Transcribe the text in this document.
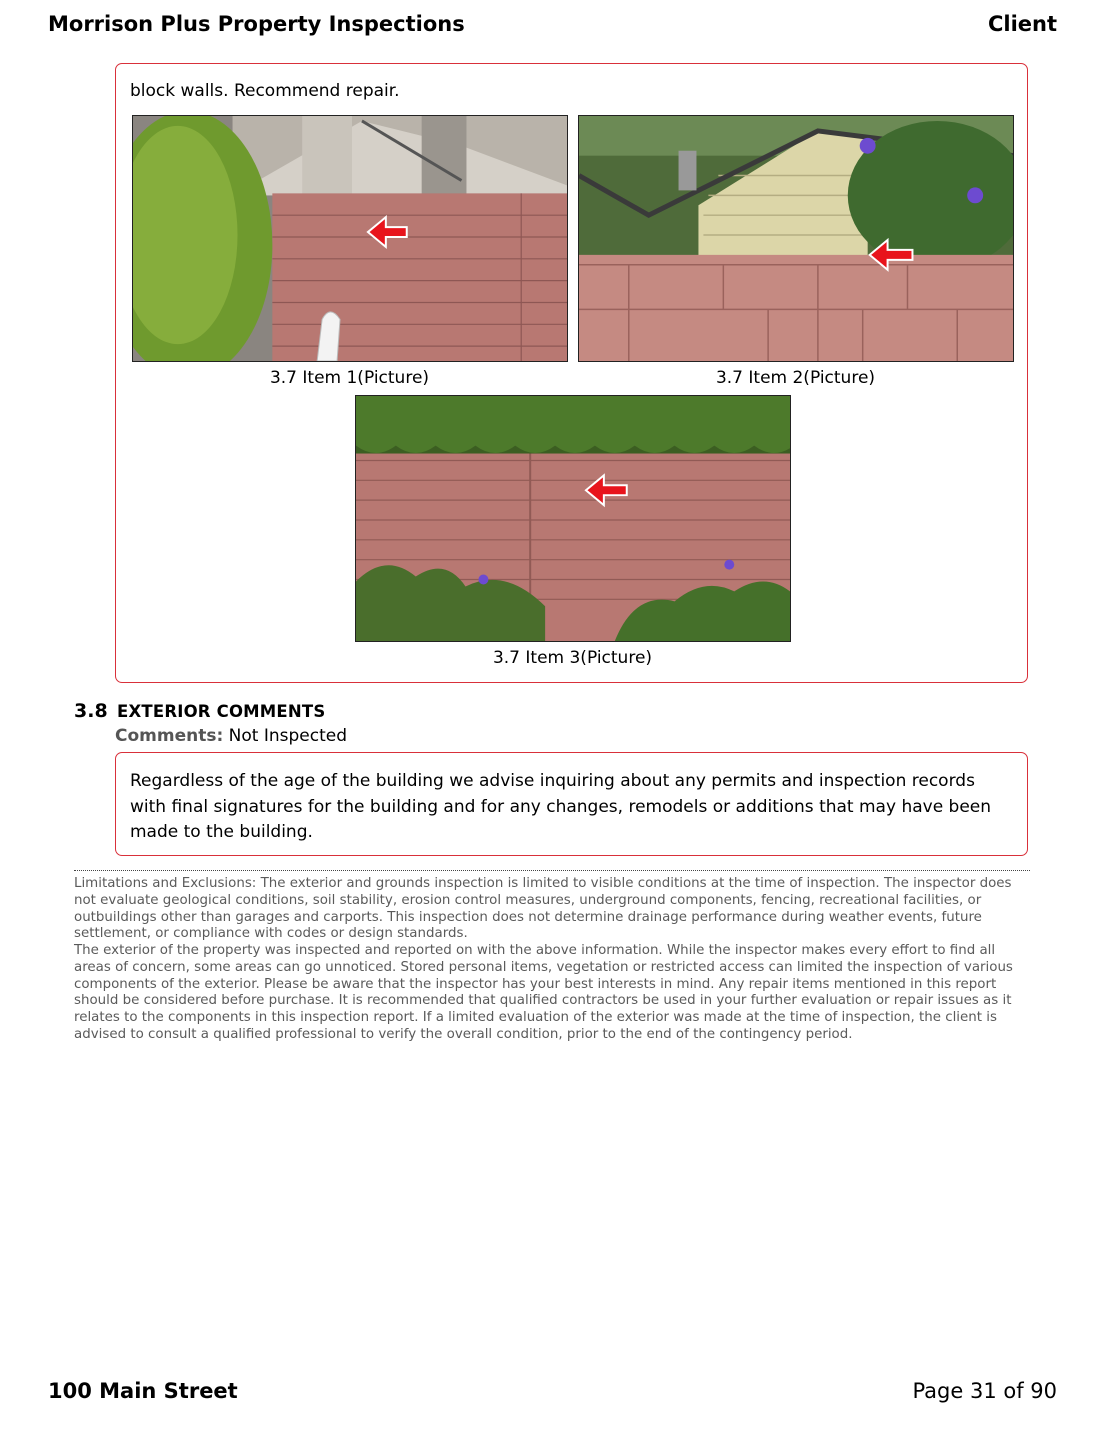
Morrison Plus Property Inspections	Client
block walls. Recommend repair.
3.7 Item 1(Picture)	3.7 Item 2(Picture)
3.7 Item 3(Picture)
3.8 EXTERIOR COMMENTS
Comments: Not Inspected
Regardless of the age of the building we advise inquiring about any permits and inspection records with final signatures for the building and for any changes, remodels or additions that may have been made to the building.
Limitations and Exclusions: The exterior and grounds inspection is limited to visible conditions at the time of inspection. The inspector does not evaluate geological conditions, soil stability, erosion control measures, underground components, fencing, recreational facilities, or outbuildings other than garages and carports. This inspection does not determine drainage performance during weather events, future settlement, or compliance with codes or design standards.
The exterior of the property was inspected and reported on with the above information. While the inspector makes every effort to find all areas of concern, some areas can go unnoticed. Stored personal items, vegetation or restricted access can limited the inspection of various components of the exterior. Please be aware that the inspector has your best interests in mind. Any repair items mentioned in this report should be considered before purchase. It is recommended that qualified contractors be used in your further evaluation or repair issues as it relates to the components in this inspection report. If a limited evaluation of the exterior was made at the time of inspection, the client is advised to consult a qualified professional to verify the overall condition, prior to the end of the contingency period.
100 Main Street	Page 31 of 90
